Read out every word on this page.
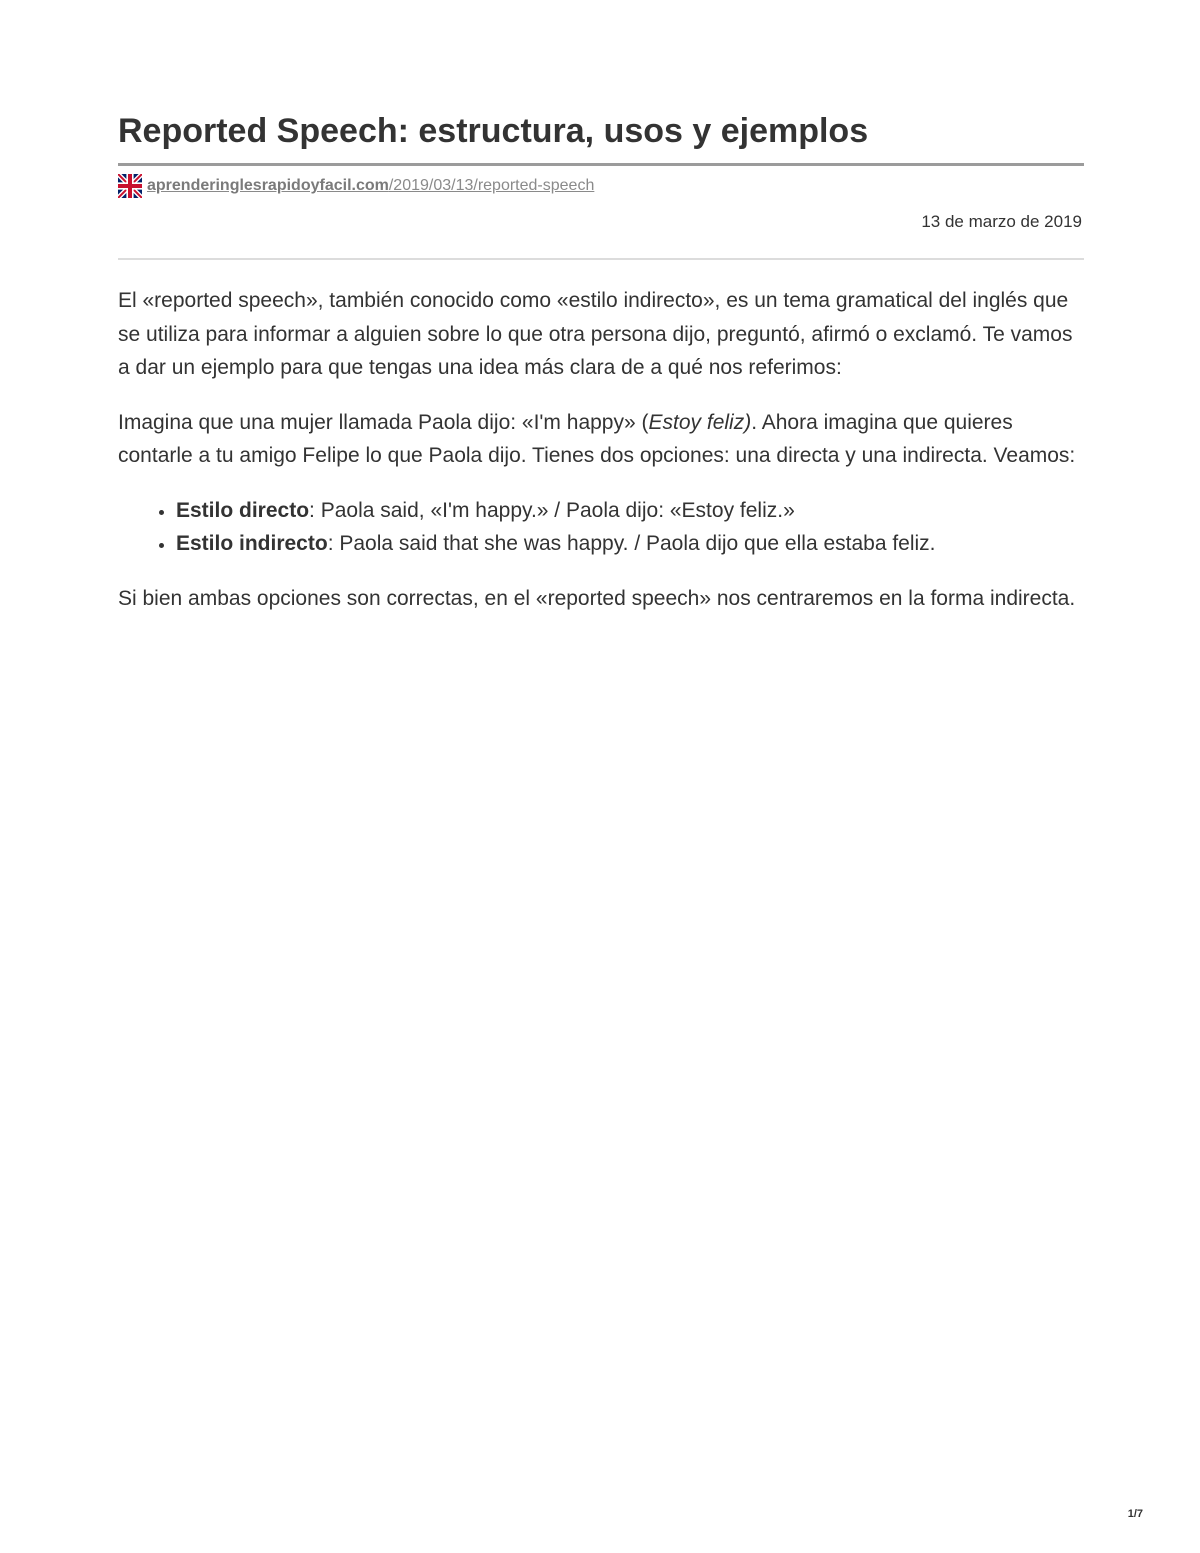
Reported Speech: estructura, usos y ejemplos
aprenderinglesrapidoyfacil.com/2019/03/13/reported-speech
13 de marzo de 2019

El «reported speech», también conocido como «estilo indirecto», es un tema gramatical del inglés que se utiliza para informar a alguien sobre lo que otra persona dijo, preguntó, afirmó o exclamó. Te vamos a dar un ejemplo para que tengas una idea más clara de a qué nos referimos:

Imagina que una mujer llamada Paola dijo: «I'm happy» (Estoy feliz). Ahora imagina que quieres contarle a tu amigo Felipe lo que Paola dijo. Tienes dos opciones: una directa y una indirecta. Veamos:

• Estilo directo: Paola said, «I'm happy.» / Paola dijo: «Estoy feliz.»
• Estilo indirecto: Paola said that she was happy. / Paola dijo que ella estaba feliz.

Si bien ambas opciones son correctas, en el «reported speech» nos centraremos en la forma indirecta.

1/7
